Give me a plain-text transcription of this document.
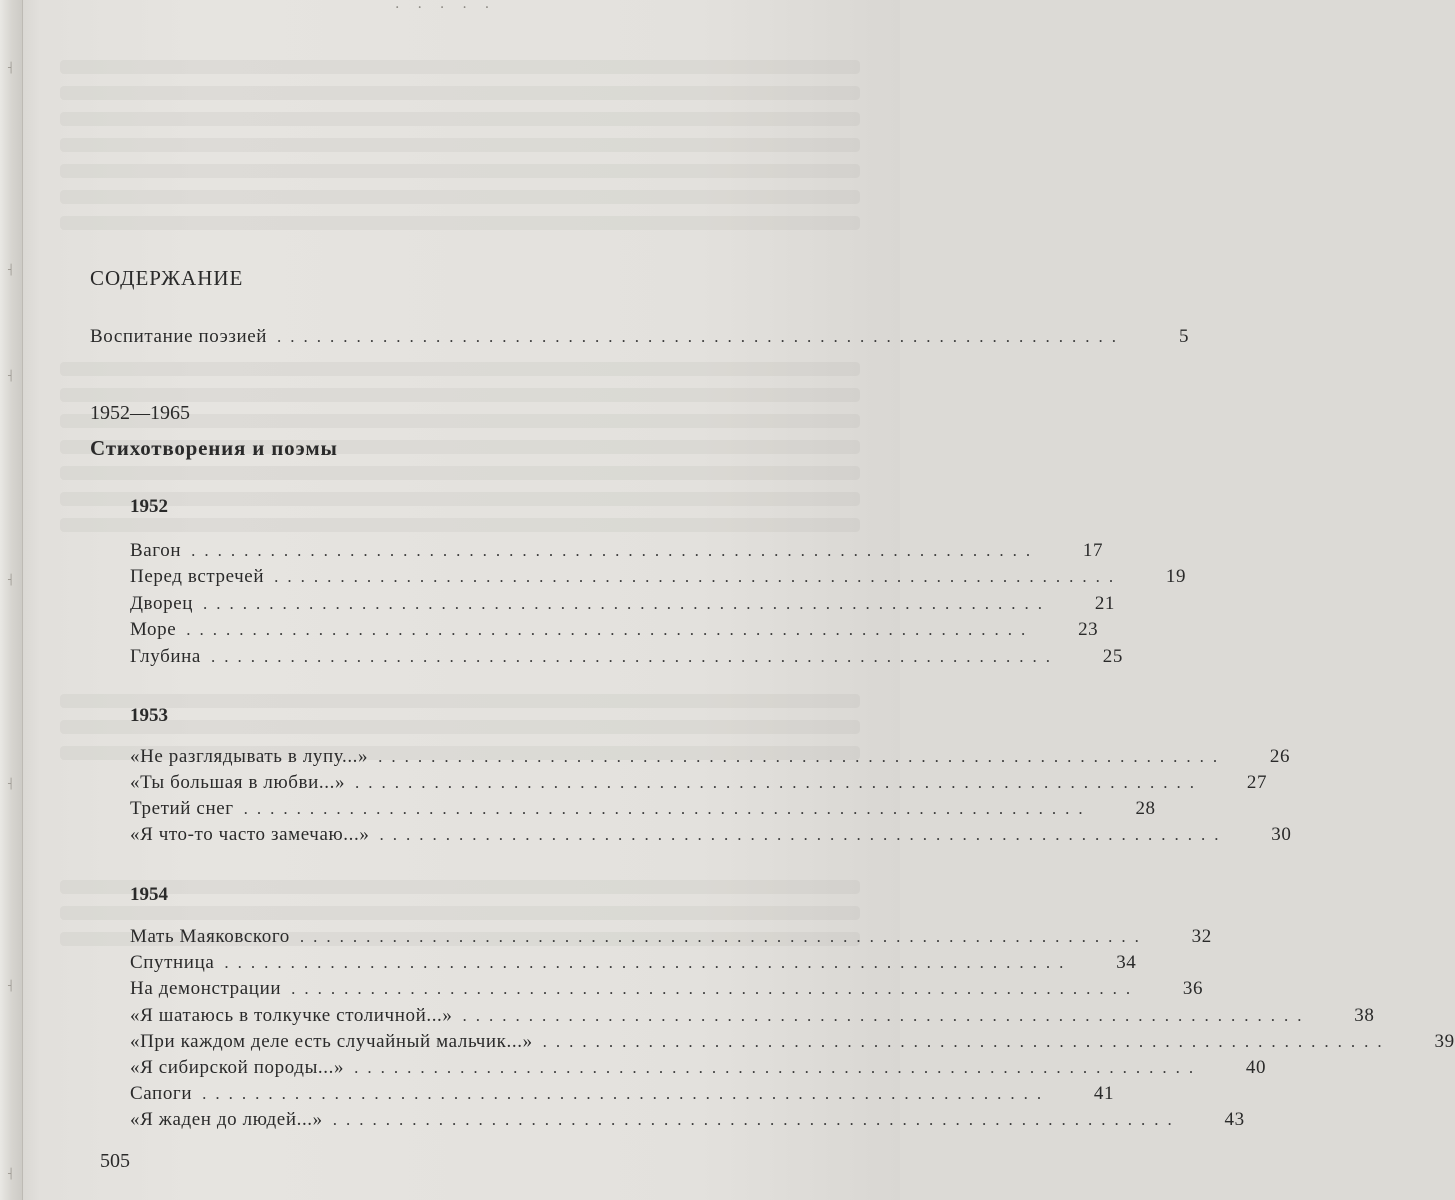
┤
┤
┤
┤
┤
┤
┤
·····
СОДЕРЖАНИЕ
Воспитание поэзией ................................................................	5
1952—1965
Стихотворения и поэмы
1952
Вагон ................................................................	17
Перед встречей ................................................................	19
Дворец ................................................................	21
Море ................................................................	23
Глубина ................................................................	25
1953
«Не разглядывать в лупу...» ................................................................	26
«Ты большая в любви...» ................................................................	27
Третий снег ................................................................	28
«Я что-то часто замечаю...» ................................................................	30
1954
Мать Маяковского ................................................................	32
Спутница ................................................................	34
На демонстрации ................................................................	36
«Я шатаюсь в толкучке столичной...» ................................................................	38
«При каждом деле есть случайный мальчик...» ................................................................	39
«Я сибирской породы...» ................................................................	40
Сапоги ................................................................	41
«Я жаден до людей...» ................................................................	43
505
